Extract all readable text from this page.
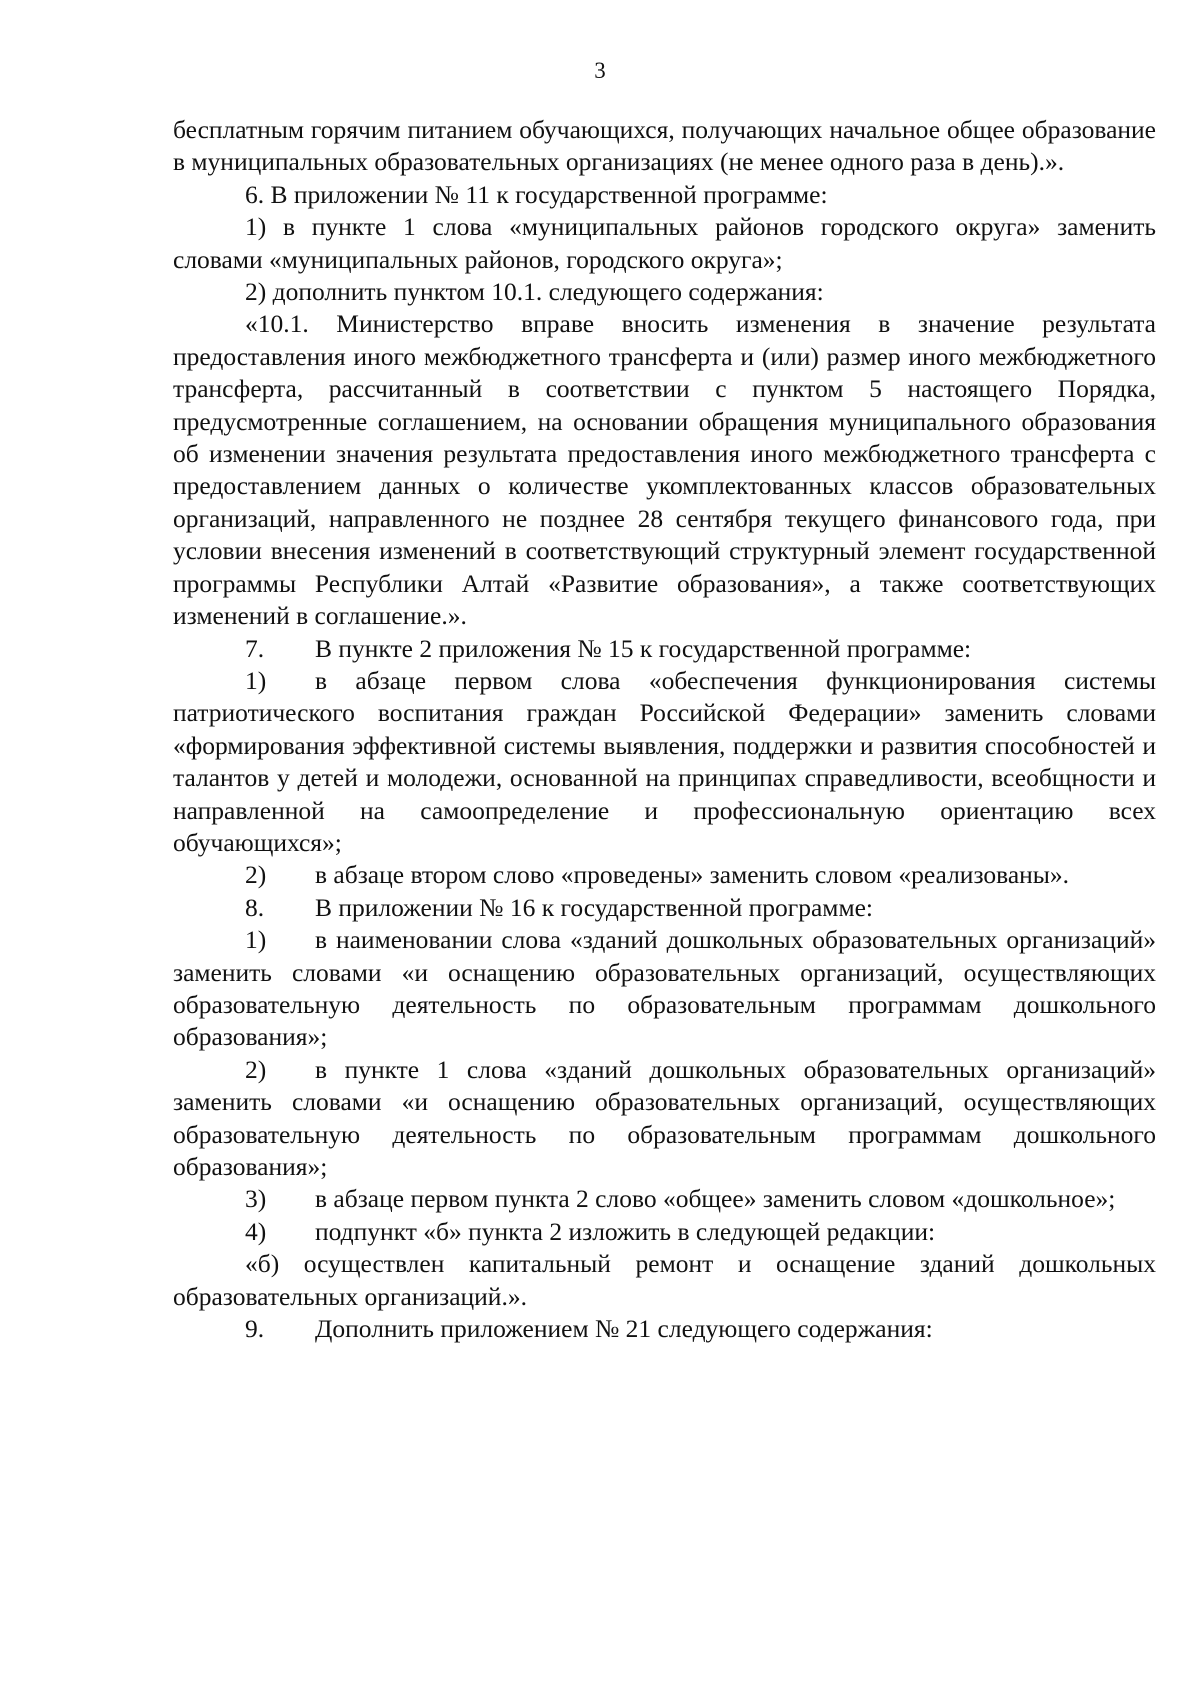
3

бесплатным горячим питанием обучающихся, получающих начальное общее образование в муниципальных образовательных организациях (не менее одного раза в день).».

6. В приложении № 11 к государственной программе:

1) в пункте 1 слова «муниципальных районов городского округа» заменить словами «муниципальных районов, городского округа»;

2) дополнить пунктом 10.1. следующего содержания:

«10.1. Министерство вправе вносить изменения в значение результата предоставления иного межбюджетного трансферта и (или) размер иного межбюджетного трансферта, рассчитанный в соответствии с пунктом 5 настоящего Порядка, предусмотренные соглашением, на основании обращения муниципального образования об изменении значения результата предоставления иного межбюджетного трансферта с предоставлением данных о количестве укомплектованных классов образовательных организаций, направленного не позднее 28 сентября текущего финансового года, при условии внесения изменений в соответствующий структурный элемент государственной программы Республики Алтай «Развитие образования», а также соответствующих изменений в соглашение.».

7. В пункте 2 приложения № 15 к государственной программе:

1) в абзаце первом слова «обеспечения функционирования системы патриотического воспитания граждан Российской Федерации» заменить словами «формирования эффективной системы выявления, поддержки и развития способностей и талантов у детей и молодежи, основанной на принципах справедливости, всеобщности и направленной на самоопределение и профессиональную ориентацию всех обучающихся»;

2) в абзаце втором слово «проведены» заменить словом «реализованы».

8. В приложении № 16 к государственной программе:

1) в наименовании слова «зданий дошкольных образовательных организаций» заменить словами «и оснащению образовательных организаций, осуществляющих образовательную деятельность по образовательным программам дошкольного образования»;

2) в пункте 1 слова «зданий дошкольных образовательных организаций» заменить словами «и оснащению образовательных организаций, осуществляющих образовательную деятельность по образовательным программам дошкольного образования»;

3) в абзаце первом пункта 2 слово «общее» заменить словом «дошкольное»;

4) подпункт «б» пункта 2 изложить в следующей редакции:

«б) осуществлен капитальный ремонт и оснащение зданий дошкольных образовательных организаций.».

9. Дополнить приложением № 21 следующего содержания:
